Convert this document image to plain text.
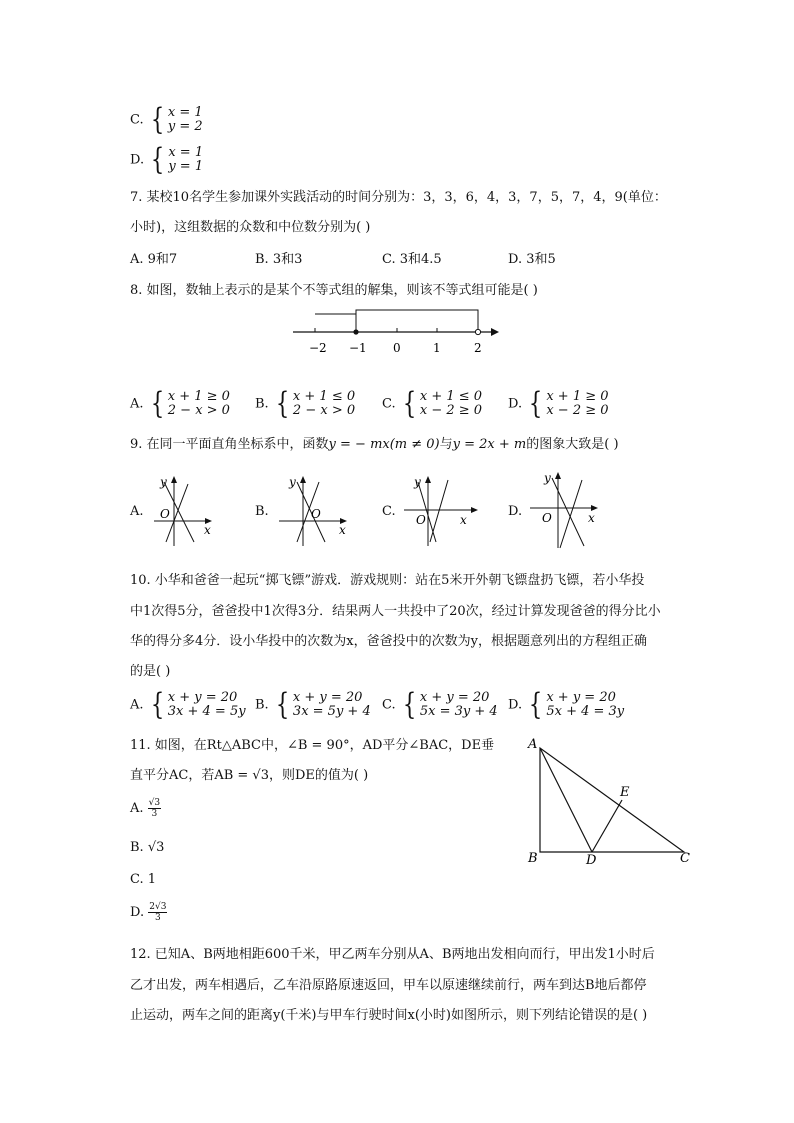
C. { x = 1
y = 2
D. { x = 1
y = 1
7. 某校10名学生参加课外实践活动的时间分别为：3，3，6，4，3，7，5，7，4，9(单位：
小时)，这组数据的众数和中位数分别为( )
A. 9和7	B. 3和3	C. 3和4.5	D. 3和5
8. 如图，数轴上表示的是某个不等式组的解集，则该不等式组可能是( )
−2 −1 0	1	2
A. { x + 1 ≥ 0
2 − x > 0 B. { x + 1 ≤ 0
2 − x > 0 C. { x + 1 ≤ 0
x − 2 ≥ 0 D. { x + 1 ≥ 0
x − 2 ≥ 0
9. 在同一平面直角坐标系中，函数y = − mx(m ≠ 0)与y = 2x + m的图象大致是( )
A.
y
x
O	B.
y
x
O	C.
y
x
O
D.
y
x
O
10. 小华和爸爸一起玩“掷飞镖”游戏．游戏规则：站在5米开外朝飞镖盘扔飞镖，若小华投
中1次得5分，爸爸投中1次得3分．结果两人一共投中了20次，经过计算发现爸爸的得分比小
华的得分多4分．设小华投中的次数为x，爸爸投中的次数为y，根据题意列出的方程组正确
的是( )
A. { x + y = 20
3x + 4 = 5y B. { x + y = 20
3x = 5y + 4 C. { x + y = 20
5x = 3y + 4 D. { x + y = 20
5x + 4 = 3y
11. 如图，在Rt△ABC中，∠B = 90°，AD平分∠BAC，DE垂
直平分AC，若AB = √3，则DE的值为( )
A. $\frac{√3}{3}$
B. √3
C. 1
D. $\frac{2√3}{3}$
A
B	C
D
E
12. 已知A、B两地相距600千米，甲乙两车分别从A、B两地出发相向而行，甲出发1小时后
乙才出发，两车相遇后，乙车沿原路原速返回，甲车以原速继续前行，两车到达B地后都停
止运动，两车之间的距离y(千米)与甲车行驶时间x(小时)如图所示，则下列结论错误的是( )
